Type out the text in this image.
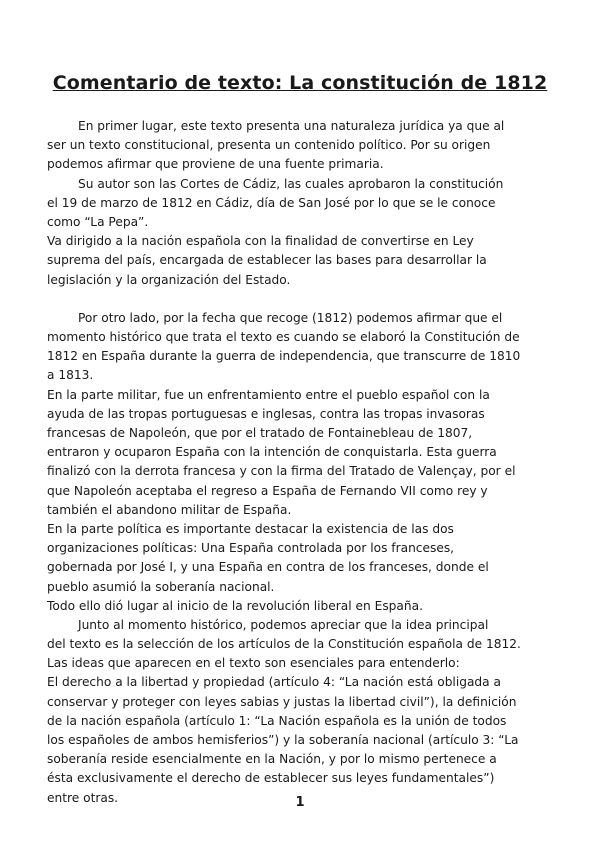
Comentario de texto: La constitución de 1812
En primer lugar, este texto presenta una naturaleza jurídica ya que al
ser un texto constitucional, presenta un contenido político. Por su origen
podemos afirmar que proviene de una fuente primaria.
Su autor son las Cortes de Cádiz, las cuales aprobaron la constitución
el 19 de marzo de 1812 en Cádiz, día de San José por lo que se le conoce
como “La Pepa”.
Va dirigido a la nación española con la finalidad de convertirse en Ley
suprema del país, encargada de establecer las bases para desarrollar la
legislación y la organización del Estado.
Por otro lado, por la fecha que recoge (1812) podemos afirmar que el
momento histórico que trata el texto es cuando se elaboró la Constitución de
1812 en España durante la guerra de independencia, que transcurre de 1810
a 1813.
En la parte militar, fue un enfrentamiento entre el pueblo español con la
ayuda de las tropas portuguesas e inglesas, contra las tropas invasoras
francesas de Napoleón, que por el tratado de Fontainebleau de 1807,
entraron y ocuparon España con la intención de conquistarla. Esta guerra
finalizó con la derrota francesa y con la firma del Tratado de Valençay, por el
que Napoleón aceptaba el regreso a España de Fernando VII como rey y
también el abandono militar de España.
En la parte política es importante destacar la existencia de las dos
organizaciones políticas: Una España controlada por los franceses,
gobernada por José I, y una España en contra de los franceses, donde el
pueblo asumió la soberanía nacional.
Todo ello dió lugar al inicio de la revolución liberal en España.
Junto al momento histórico, podemos apreciar que la idea principal
del texto es la selección de los artículos de la Constitución española de 1812.
Las ideas que aparecen en el texto son esenciales para entenderlo:
El derecho a la libertad y propiedad (artículo 4: “La nación está obligada a
conservar y proteger con leyes sabias y justas la libertad civil”), la definición
de la nación española (artículo 1: “La Nación española es la unión de todos
los españoles de ambos hemisferios”) y la soberanía nacional (artículo 3: “La
soberanía reside esencialmente en la Nación, y por lo mismo pertenece a
ésta exclusivamente el derecho de establecer sus leyes fundamentales”)
entre otras.	1
